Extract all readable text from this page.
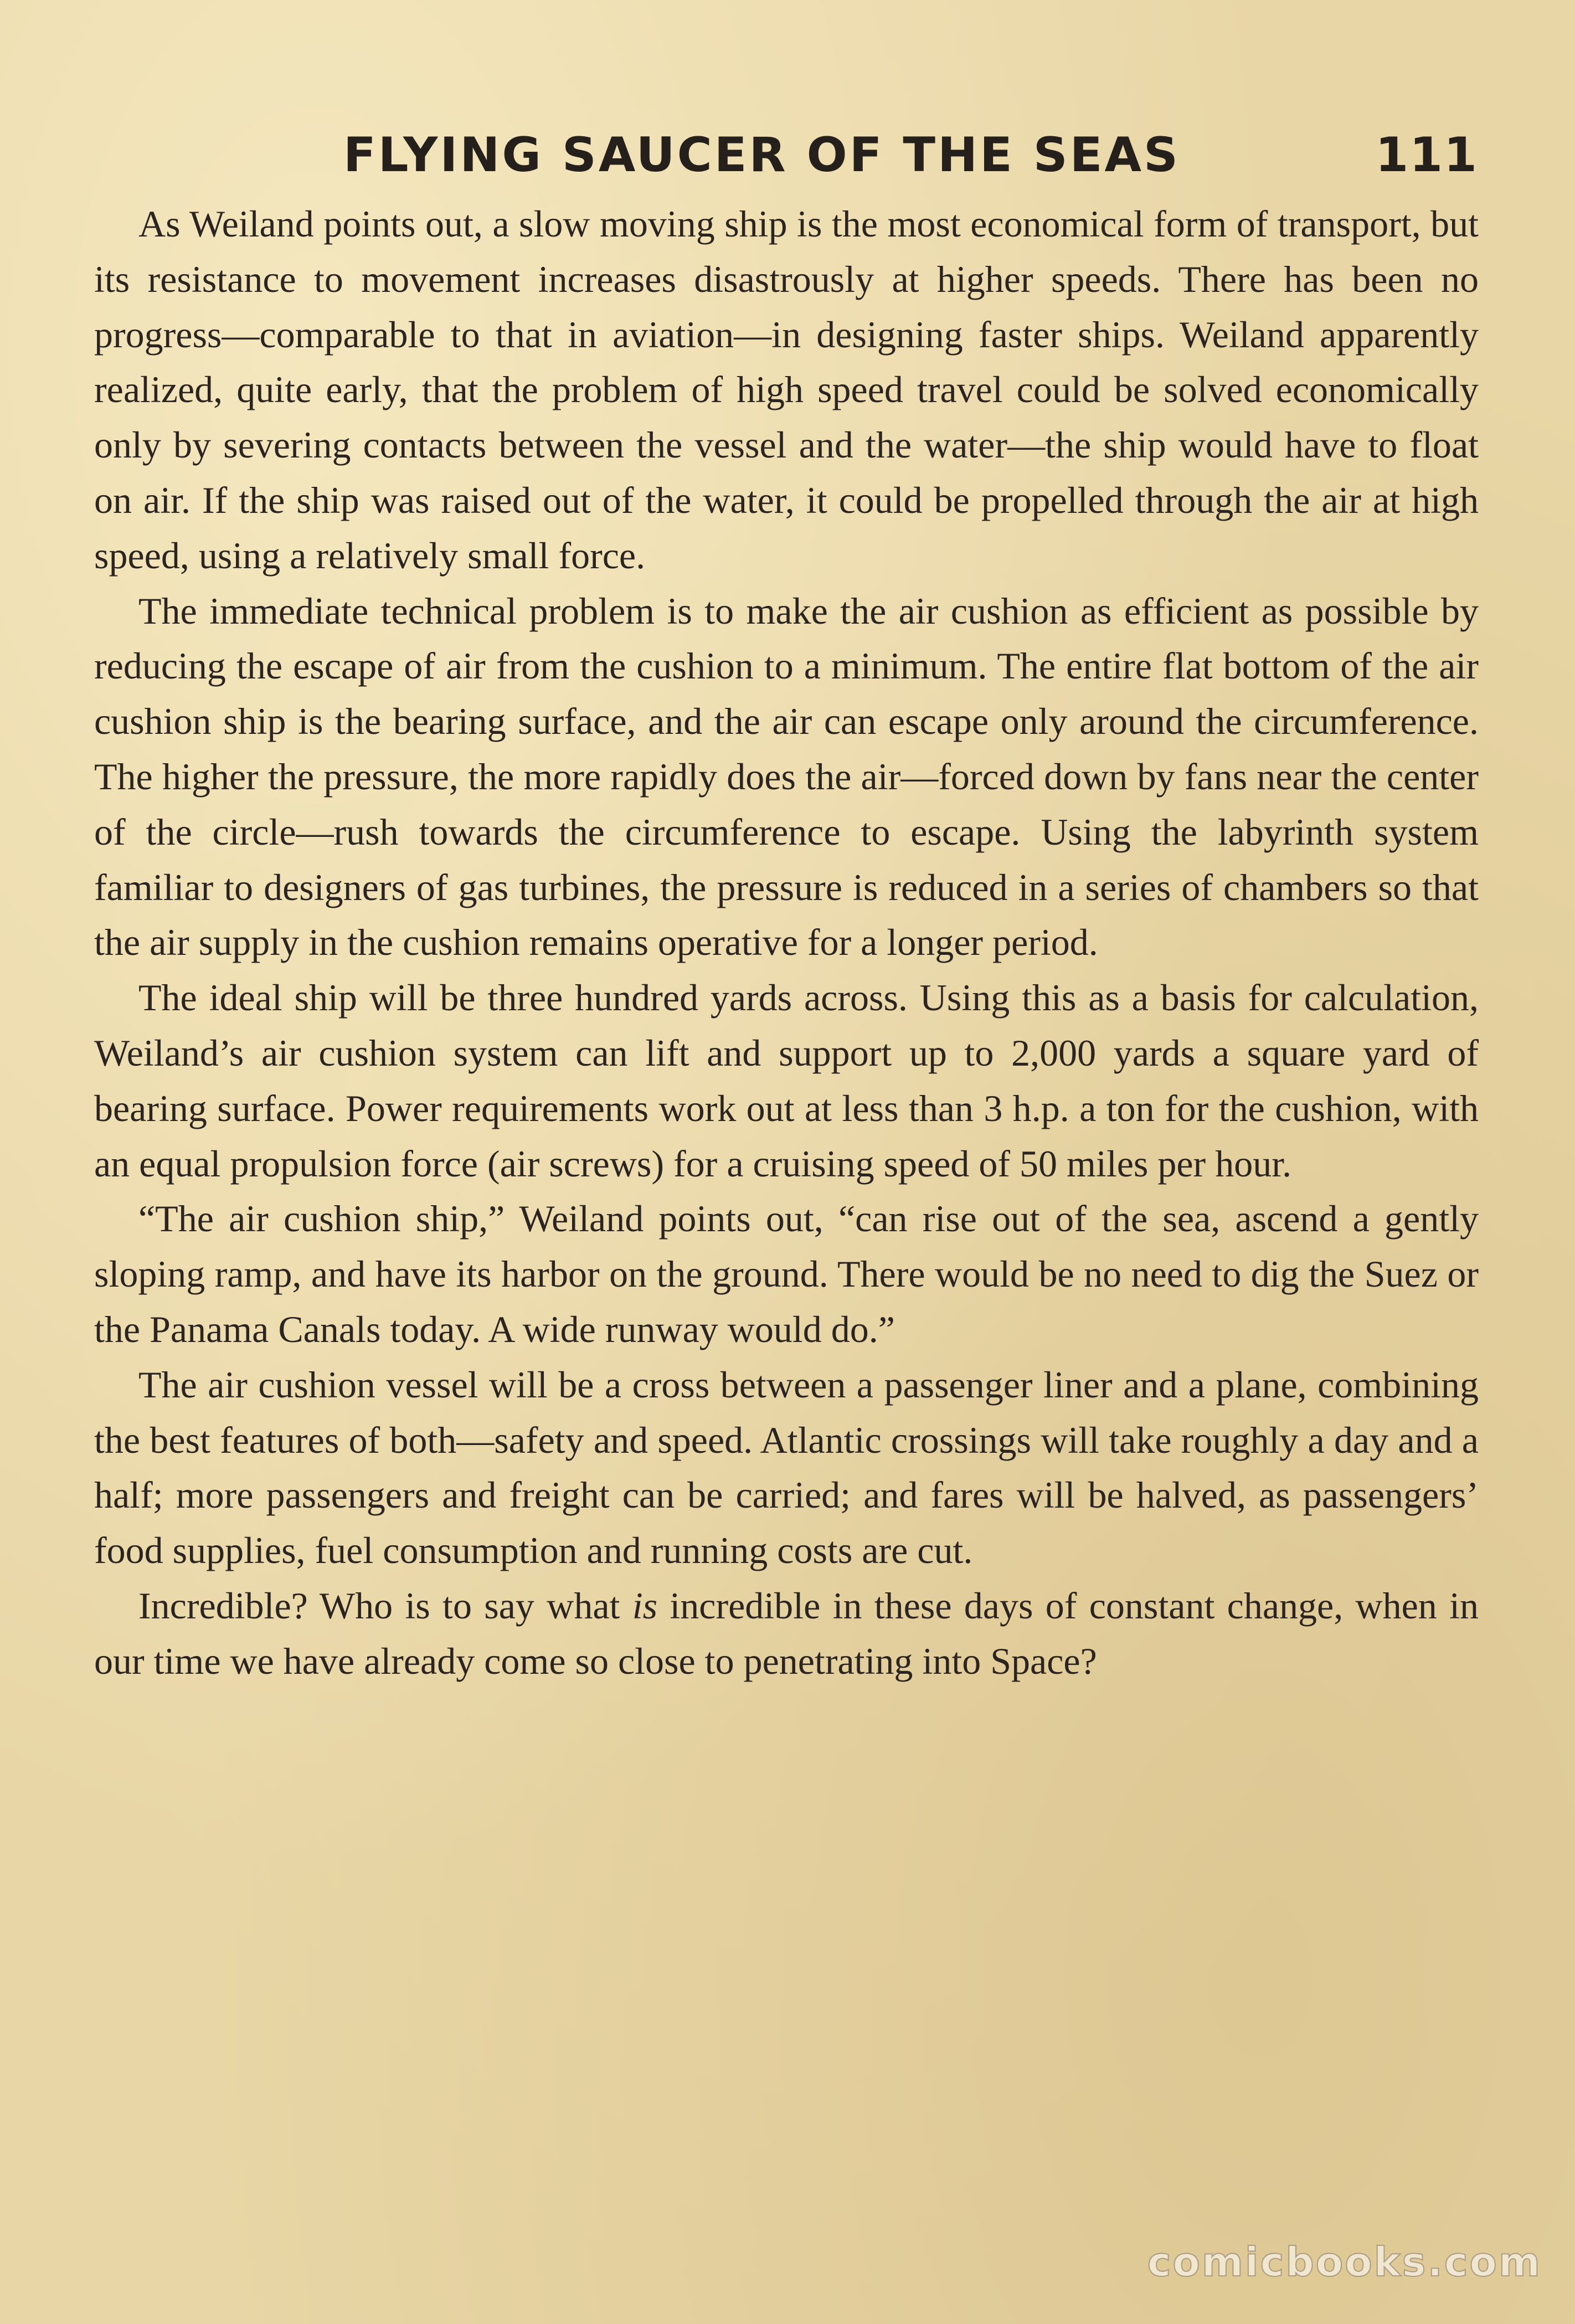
FLYING SAUCER OF THE SEAS	111

As Weiland points out, a slow moving ship is the most economical form of transport, but its resistance to movement increases disastrously at higher speeds. There has been no progress—comparable to that in aviation—in designing faster ships. Weiland apparently realized, quite early, that the problem of high speed travel could be solved economically only by severing contacts between the vessel and the water—the ship would have to float on air. If the ship was raised out of the water, it could be propelled through the air at high speed, using a relatively small force.

The immediate technical problem is to make the air cushion as efficient as possible by reducing the escape of air from the cushion to a minimum. The entire flat bottom of the air cushion ship is the bearing surface, and the air can escape only around the circumference. The higher the pressure, the more rapidly does the air—forced down by fans near the center of the circle—rush towards the circumference to escape. Using the labyrinth system familiar to designers of gas turbines, the pressure is reduced in a series of chambers so that the air supply in the cushion remains operative for a longer period.

The ideal ship will be three hundred yards across. Using this as a basis for calculation, Weiland’s air cushion system can lift and support up to 2,000 yards a square yard of bearing surface. Power requirements work out at less than 3 h.p. a ton for the cushion, with an equal propulsion force (air screws) for a cruising speed of 50 miles per hour.

“The air cushion ship,” Weiland points out, “can rise out of the sea, ascend a gently sloping ramp, and have its harbor on the ground. There would be no need to dig the Suez or the Panama Canals today. A wide runway would do.”

The air cushion vessel will be a cross between a passenger liner and a plane, combining the best features of both—safety and speed. Atlantic crossings will take roughly a day and a half; more passengers and freight can be carried; and fares will be halved, as passengers’ food supplies, fuel consumption and running costs are cut.

Incredible? Who is to say what is incredible in these days of constant change, when in our time we have already come so close to penetrating into Space?

comicbooks.com
